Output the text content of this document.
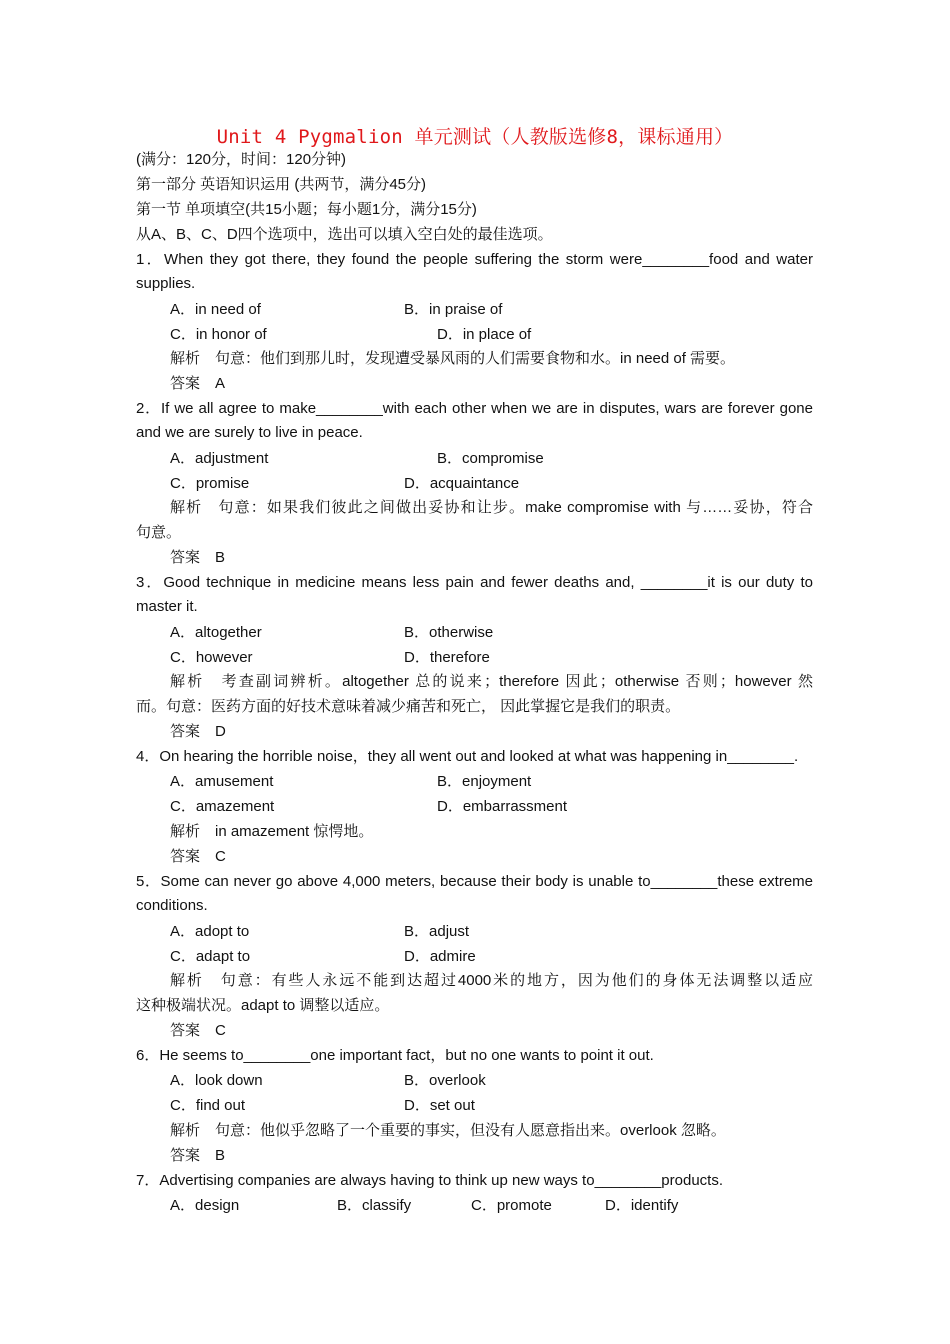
Unit 4 Pygmalion 单元测试（人教版选修8，课标通用）
(满分：120分，时间：120分钟)
第一部分 英语知识运用 (共两节，满分45分)
第一节 单项填空(共15小题；每小题1分，满分15分)
从A、B、C、D四个选项中，选出可以填入空白处的最佳选项。
1．When they got there, they found the people suffering the storm were________food and water
supplies.
A．in need of	B．in praise of
C．in honor of	D．in place of
解析　句意：他们到那儿时，发现遭受暴风雨的人们需要食物和水。in need of 需要。
答案　A
2．If we all agree to make________with each other when we are in disputes, wars are forever gone
and we are surely to live in peace.
A．adjustment	B．compromise
C．promise	D．acquaintance
解析　句意：如果我们彼此之间做出妥协和让步。make compromise with 与……妥协，符合
句意。
答案　B
3．Good technique in medicine means less pain and fewer deaths and, ________it is our duty to
master it.
A．altogether	B．otherwise
C．however	D．therefore
解析　考查副词辨析。altogether 总的说来；therefore 因此；otherwise 否则；however 然
而。句意：医药方面的好技术意味着减少痛苦和死亡， 因此掌握它是我们的职责。
答案　D
4．On hearing the horrible noise，they all went out and looked at what was happening in________.
A．amusement	B．enjoyment
C．amazement	D．embarrassment
解析　in amazement 惊愕地。
答案　C
5．Some can never go above 4,000 meters, because their body is unable to________these extreme
conditions.
A．adopt to	B．adjust
C．adapt to	D．admire
解析　句意：有些人永远不能到达超过4000米的地方，因为他们的身体无法调整以适应
这种极端状况。adapt to 调整以适应。
答案　C
6．He seems to________one important fact，but no one wants to point it out.
A．look down	B．overlook
C．find out	D．set out
解析　句意：他似乎忽略了一个重要的事实，但没有人愿意指出来。overlook 忽略。
答案　B
7．Advertising companies are always having to think up new ways to________products.
A．design	B．classify	C．promote	D．identify
